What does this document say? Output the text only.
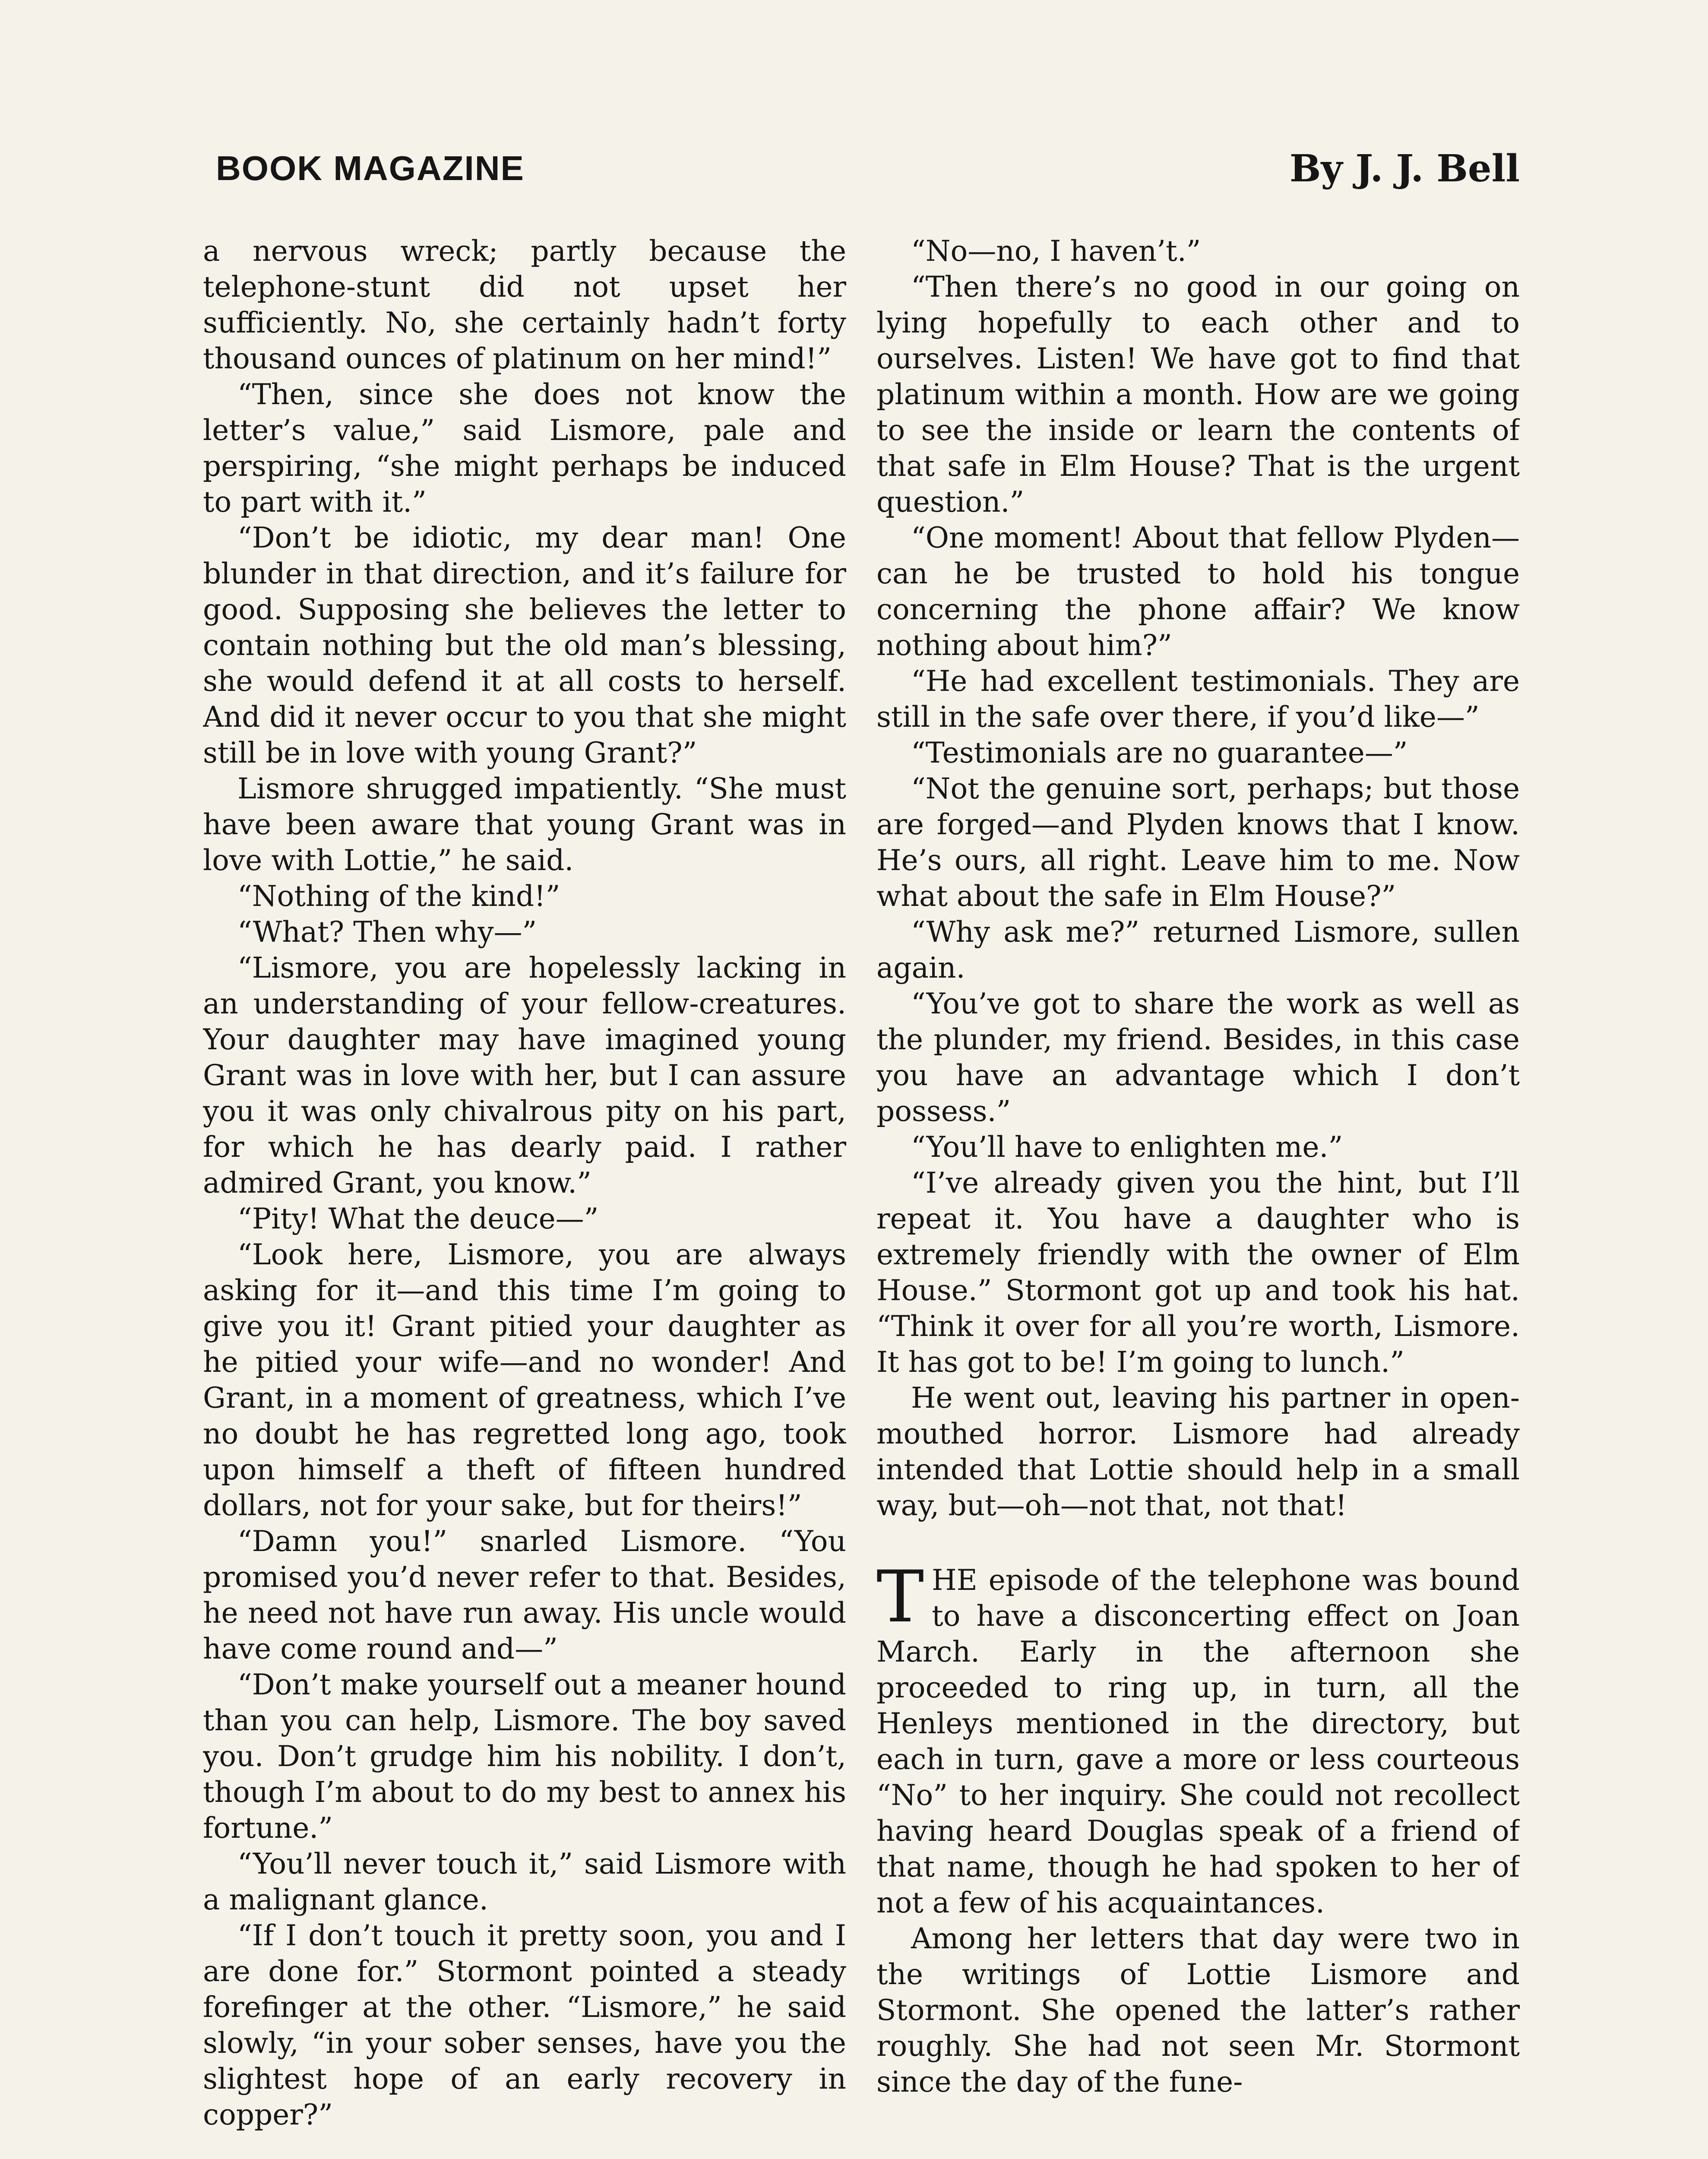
BOOK MAGAZINE	By J. J. Bell

a nervous wreck; partly because the telephone-stunt did not upset her sufficiently. No, she certainly hadn’t forty thousand ounces of platinum on her mind!”

“Then, since she does not know the letter’s value,” said Lismore, pale and perspiring, “she might perhaps be induced to part with it.”

“Don’t be idiotic, my dear man! One blunder in that direction, and it’s failure for good. Supposing she believes the letter to contain nothing but the old man’s blessing, she would defend it at all costs to herself. And did it never occur to you that she might still be in love with young Grant?”

Lismore shrugged impatiently. “She must have been aware that young Grant was in love with Lottie,” he said.

“Nothing of the kind!”

“What? Then why—”

“Lismore, you are hopelessly lacking in an understanding of your fellow-creatures. Your daughter may have imagined young Grant was in love with her, but I can assure you it was only chivalrous pity on his part, for which he has dearly paid. I rather admired Grant, you know.”

“Pity! What the deuce—”

“Look here, Lismore, you are always asking for it—and this time I’m going to give you it! Grant pitied your daughter as he pitied your wife—and no wonder! And Grant, in a moment of greatness, which I’ve no doubt he has regretted long ago, took upon himself a theft of fifteen hundred dollars, not for your sake, but for theirs!”

“Damn you!” snarled Lismore. “You promised you’d never refer to that. Besides, he need not have run away. His uncle would have come round and—”

“Don’t make yourself out a meaner hound than you can help, Lismore. The boy saved you. Don’t grudge him his nobility. I don’t, though I’m about to do my best to annex his fortune.”

“You’ll never touch it,” said Lismore with a malignant glance.

“If I don’t touch it pretty soon, you and I are done for.” Stormont pointed a steady forefinger at the other. “Lismore,” he said slowly, “in your sober senses, have you the slightest hope of an early recovery in copper?”

“No—no, I haven’t.”

“Then there’s no good in our going on lying hopefully to each other and to ourselves. Listen! We have got to find that platinum within a month. How are we going to see the inside or learn the contents of that safe in Elm House? That is the urgent question.”

“One moment! About that fellow Plyden—can he be trusted to hold his tongue concerning the phone affair? We know nothing about him?”

“He had excellent testimonials. They are still in the safe over there, if you’d like—”

“Testimonials are no guarantee—”

“Not the genuine sort, perhaps; but those are forged—and Plyden knows that I know. He’s ours, all right. Leave him to me. Now what about the safe in Elm House?”

“Why ask me?” returned Lismore, sullen again.

“You’ve got to share the work as well as the plunder, my friend. Besides, in this case you have an advantage which I don’t possess.”

“You’ll have to enlighten me.”

“I’ve already given you the hint, but I’ll repeat it. You have a daughter who is extremely friendly with the owner of Elm House.” Stormont got up and took his hat. “Think it over for all you’re worth, Lismore. It has got to be! I’m going to lunch.”

He went out, leaving his partner in open-mouthed horror. Lismore had already intended that Lottie should help in a small way, but—oh—not that, not that!

THE episode of the telephone was bound to have a disconcerting effect on Joan March. Early in the afternoon she proceeded to ring up, in turn, all the Henleys mentioned in the directory, but each in turn, gave a more or less courteous “No” to her inquiry. She could not recollect having heard Douglas speak of a friend of that name, though he had spoken to her of not a few of his acquaintances.

Among her letters that day were two in the writings of Lottie Lismore and Stormont. She opened the latter’s rather roughly. She had not seen Mr. Stormont since the day of the fune-
